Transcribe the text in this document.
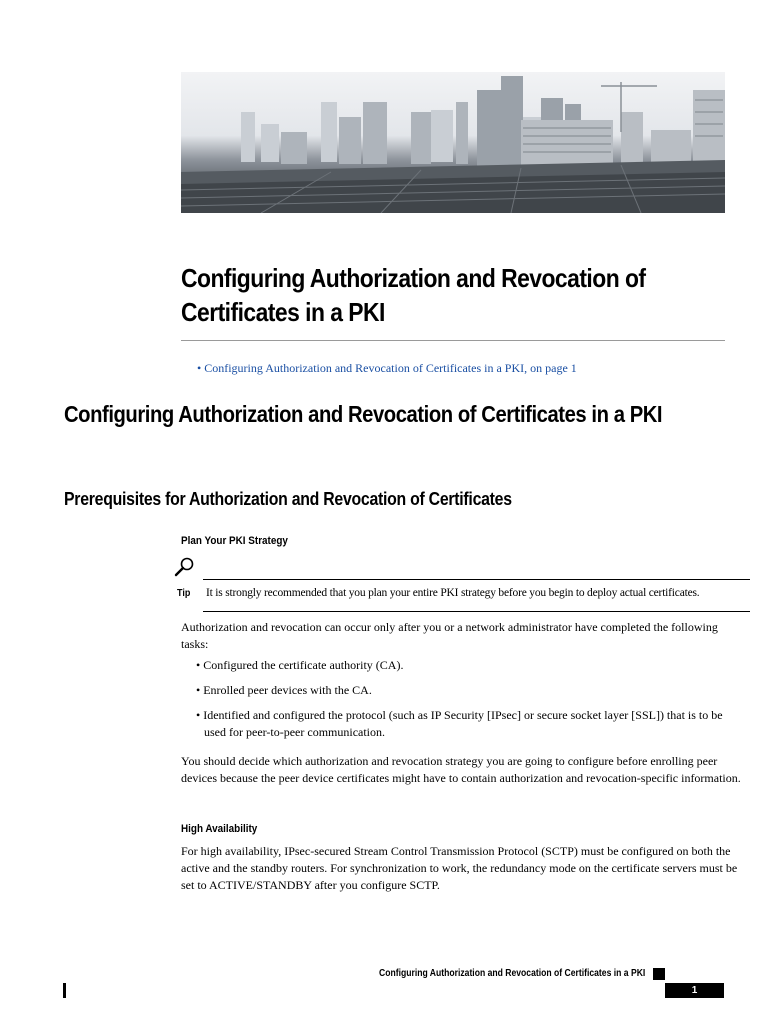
Configuring Authorization and Revocation of Certificates in a PKI
• Configuring Authorization and Revocation of Certificates in a PKI, on page 1
Configuring Authorization and Revocation of Certificates in a PKI
Prerequisites for Authorization and Revocation of Certificates
Plan Your PKI Strategy
Tip It is strongly recommended that you plan your entire PKI strategy before you begin to deploy actual certificates.

Authorization and revocation can occur only after you or a network administrator have completed the following tasks:

• Configured the certificate authority (CA).
• Enrolled peer devices with the CA.
• Identified and configured the protocol (such as IP Security [IPsec] or secure socket layer [SSL]) that is to be used for peer-to-peer communication.

You should decide which authorization and revocation strategy you are going to configure before enrolling peer devices because the peer device certificates might have to contain authorization and revocation-specific information.

High Availability

For high availability, IPsec-secured Stream Control Transmission Protocol (SCTP) must be configured on both the active and the standby routers. For synchronization to work, the redundancy mode on the certificate servers must be set to ACTIVE/STANDBY after you configure SCTP.

Configuring Authorization and Revocation of Certificates in a PKI
1
